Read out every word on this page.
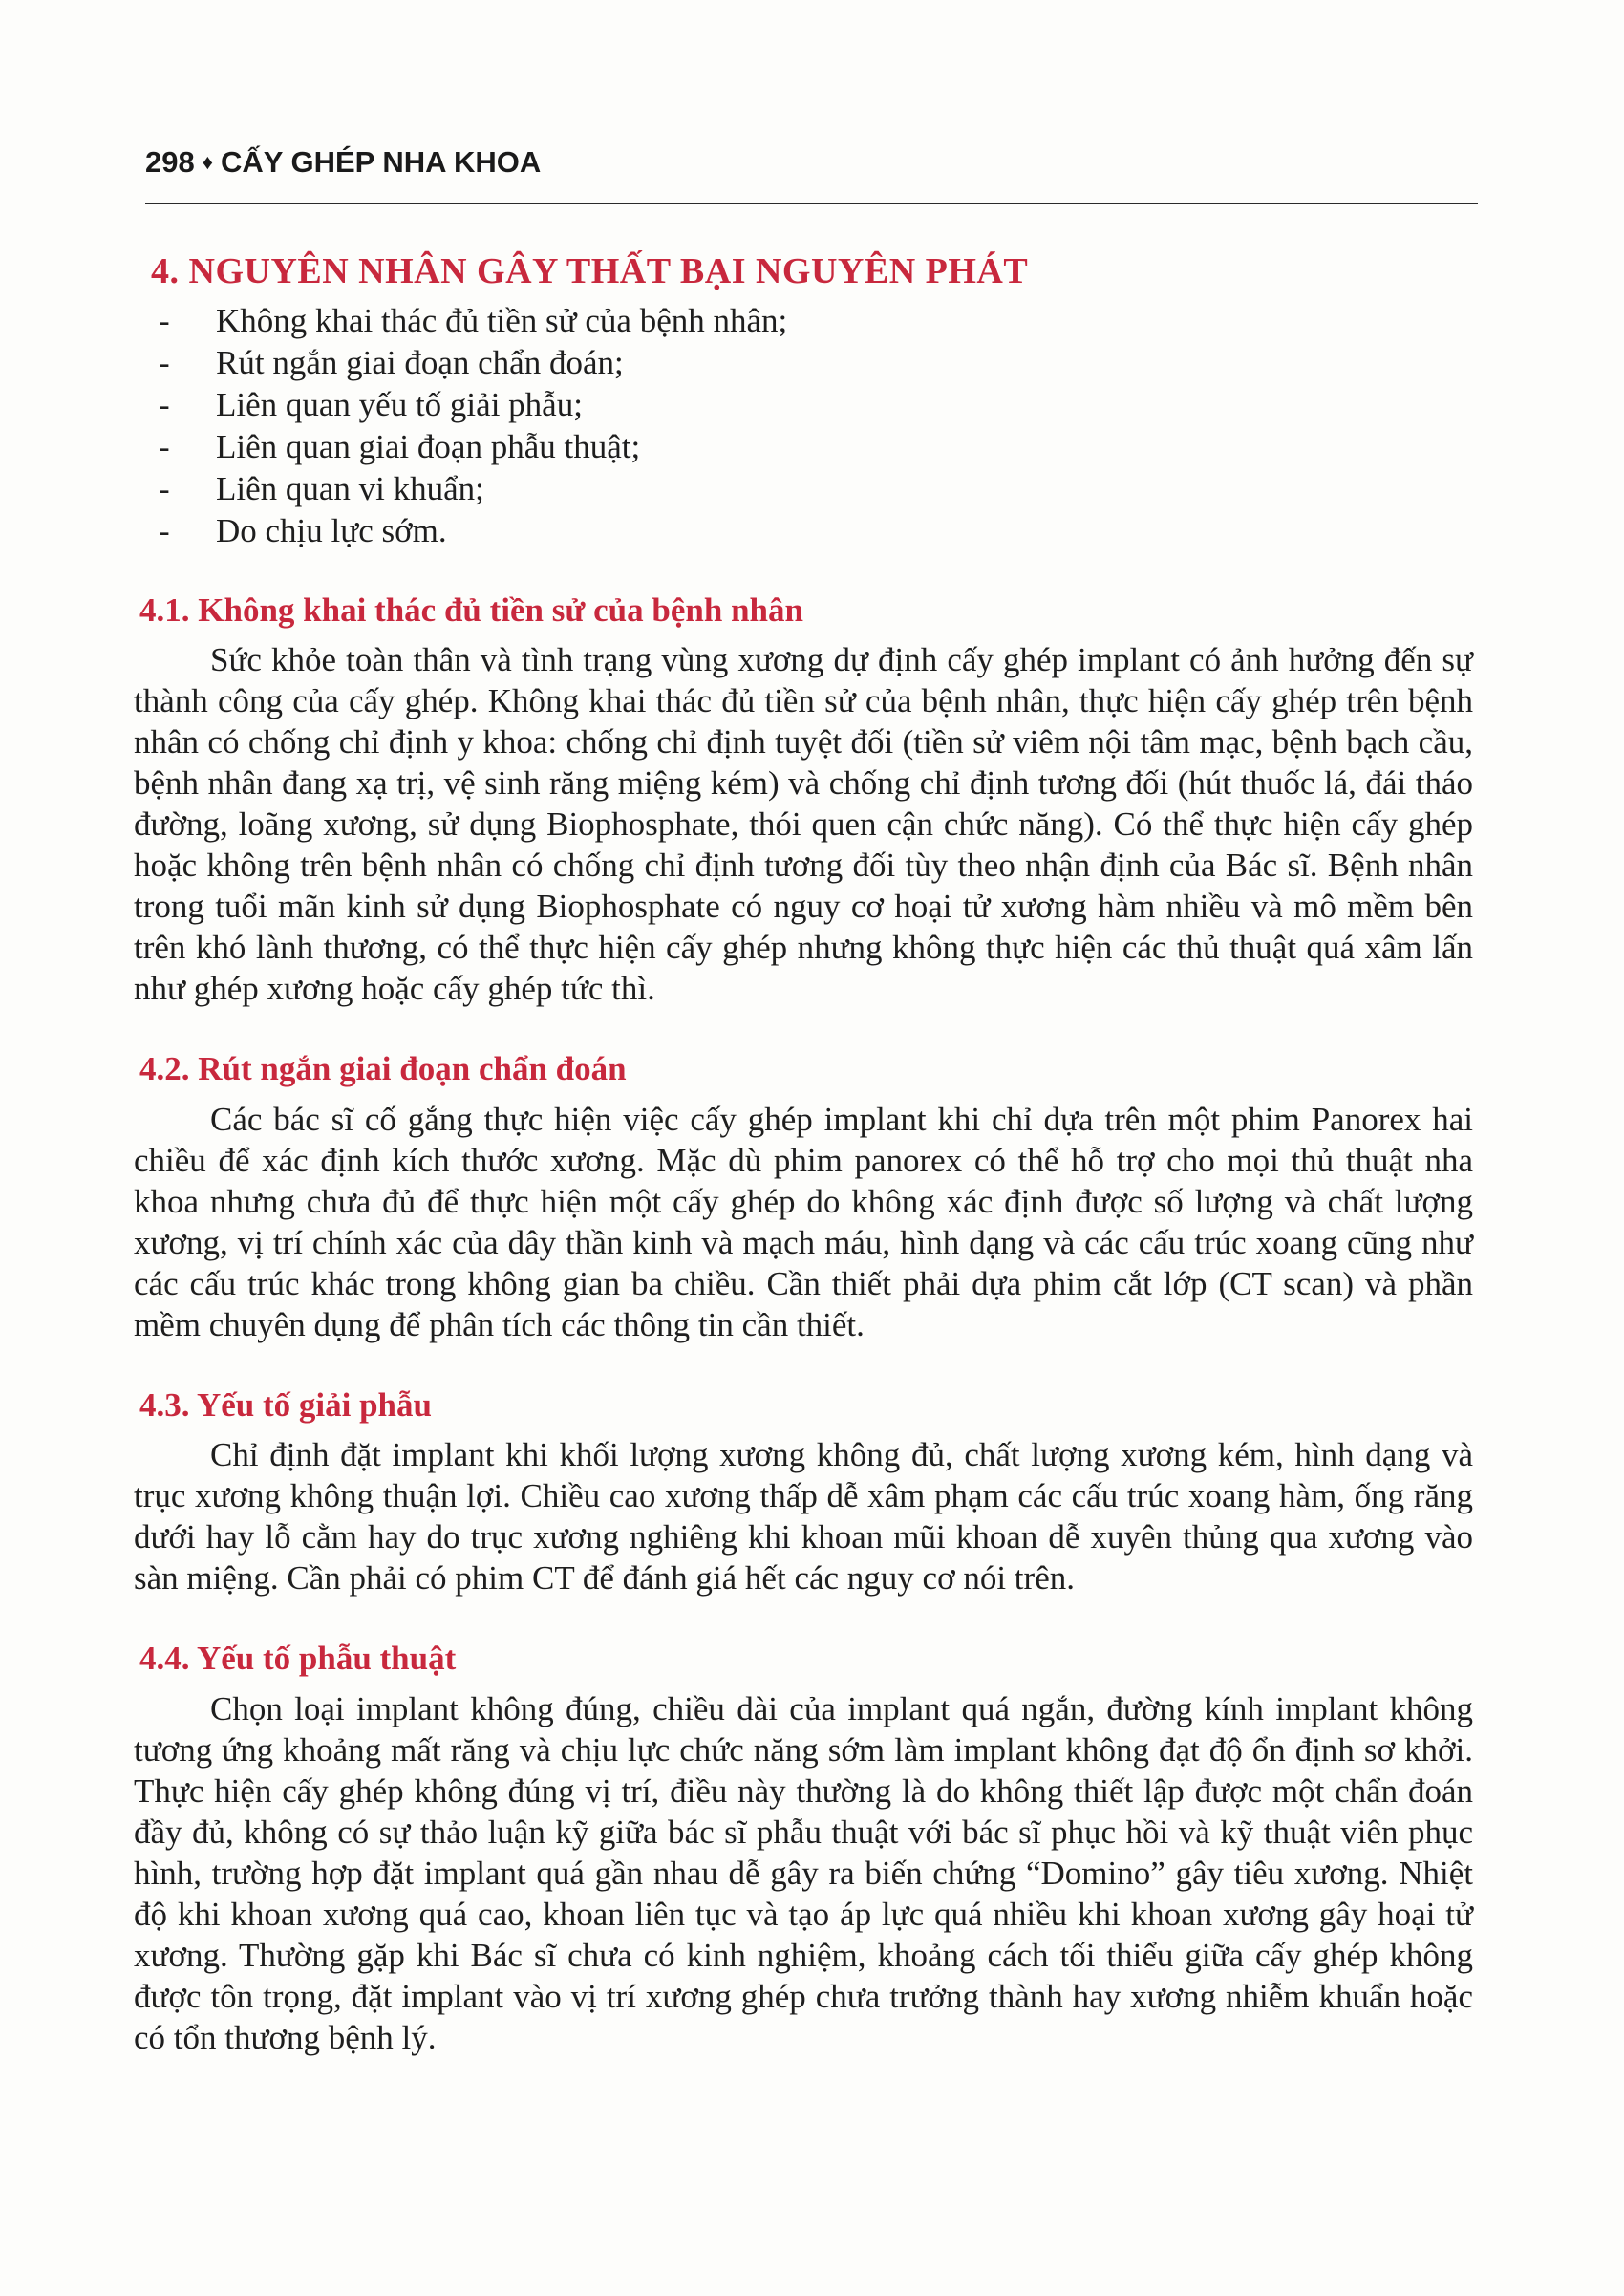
298 ♦ CẤY GHÉP NHA KHOA
4. NGUYÊN NHÂN GÂY THẤT BẠI NGUYÊN PHÁT
- Không khai thác đủ tiền sử của bệnh nhân;
- Rút ngắn giai đoạn chẩn đoán;
- Liên quan yếu tố giải phẫu;
- Liên quan giai đoạn phẫu thuật;
- Liên quan vi khuẩn;
- Do chịu lực sớm.
4.1. Không khai thác đủ tiền sử của bệnh nhân

Sức khỏe toàn thân và tình trạng vùng xương dự định cấy ghép implant có ảnh hưởng đến sự thành công của cấy ghép. Không khai thác đủ tiền sử của bệnh nhân, thực hiện cấy ghép trên bệnh nhân có chống chỉ định y khoa: chống chỉ định tuyệt đối (tiền sử viêm nội tâm mạc, bệnh bạch cầu, bệnh nhân đang xạ trị, vệ sinh răng miệng kém) và chống chỉ định tương đối (hút thuốc lá, đái tháo đường, loãng xương, sử dụng Biophosphate, thói quen cận chức năng). Có thể thực hiện cấy ghép hoặc không trên bệnh nhân có chống chỉ định tương đối tùy theo nhận định của Bác sĩ. Bệnh nhân trong tuổi mãn kinh sử dụng Biophosphate có nguy cơ hoại tử xương hàm nhiều và mô mềm bên trên khó lành thương, có thể thực hiện cấy ghép nhưng không thực hiện các thủ thuật quá xâm lấn như ghép xương hoặc cấy ghép tức thì.

4.2. Rút ngắn giai đoạn chẩn đoán

Các bác sĩ cố gắng thực hiện việc cấy ghép implant khi chỉ dựa trên một phim Panorex hai chiều để xác định kích thước xương. Mặc dù phim panorex có thể hỗ trợ cho mọi thủ thuật nha khoa nhưng chưa đủ để thực hiện một cấy ghép do không xác định được số lượng và chất lượng xương, vị trí chính xác của dây thần kinh và mạch máu, hình dạng và các cấu trúc xoang cũng như các cấu trúc khác trong không gian ba chiều. Cần thiết phải dựa phim cắt lớp (CT scan) và phần mềm chuyên dụng để phân tích các thông tin cần thiết.

4.3. Yếu tố giải phẫu

Chỉ định đặt implant khi khối lượng xương không đủ, chất lượng xương kém, hình dạng và trục xương không thuận lợi. Chiều cao xương thấp dễ xâm phạm các cấu trúc xoang hàm, ống răng dưới hay lỗ cằm hay do trục xương nghiêng khi khoan mũi khoan dễ xuyên thủng qua xương vào sàn miệng. Cần phải có phim CT để đánh giá hết các nguy cơ nói trên.

4.4. Yếu tố phẫu thuật

Chọn loại implant không đúng, chiều dài của implant quá ngắn, đường kính implant không tương ứng khoảng mất răng và chịu lực chức năng sớm làm implant không đạt độ ổn định sơ khởi. Thực hiện cấy ghép không đúng vị trí, điều này thường là do không thiết lập được một chẩn đoán đầy đủ, không có sự thảo luận kỹ giữa bác sĩ phẫu thuật với bác sĩ phục hồi và kỹ thuật viên phục hình, trường hợp đặt implant quá gần nhau dễ gây ra biến chứng “Domino” gây tiêu xương. Nhiệt độ khi khoan xương quá cao, khoan liên tục và tạo áp lực quá nhiều khi khoan xương gây hoại tử xương. Thường gặp khi Bác sĩ chưa có kinh nghiệm, khoảng cách tối thiểu giữa cấy ghép không được tôn trọng, đặt implant vào vị trí xương ghép chưa trưởng thành hay xương nhiễm khuẩn hoặc có tổn thương bệnh lý.
